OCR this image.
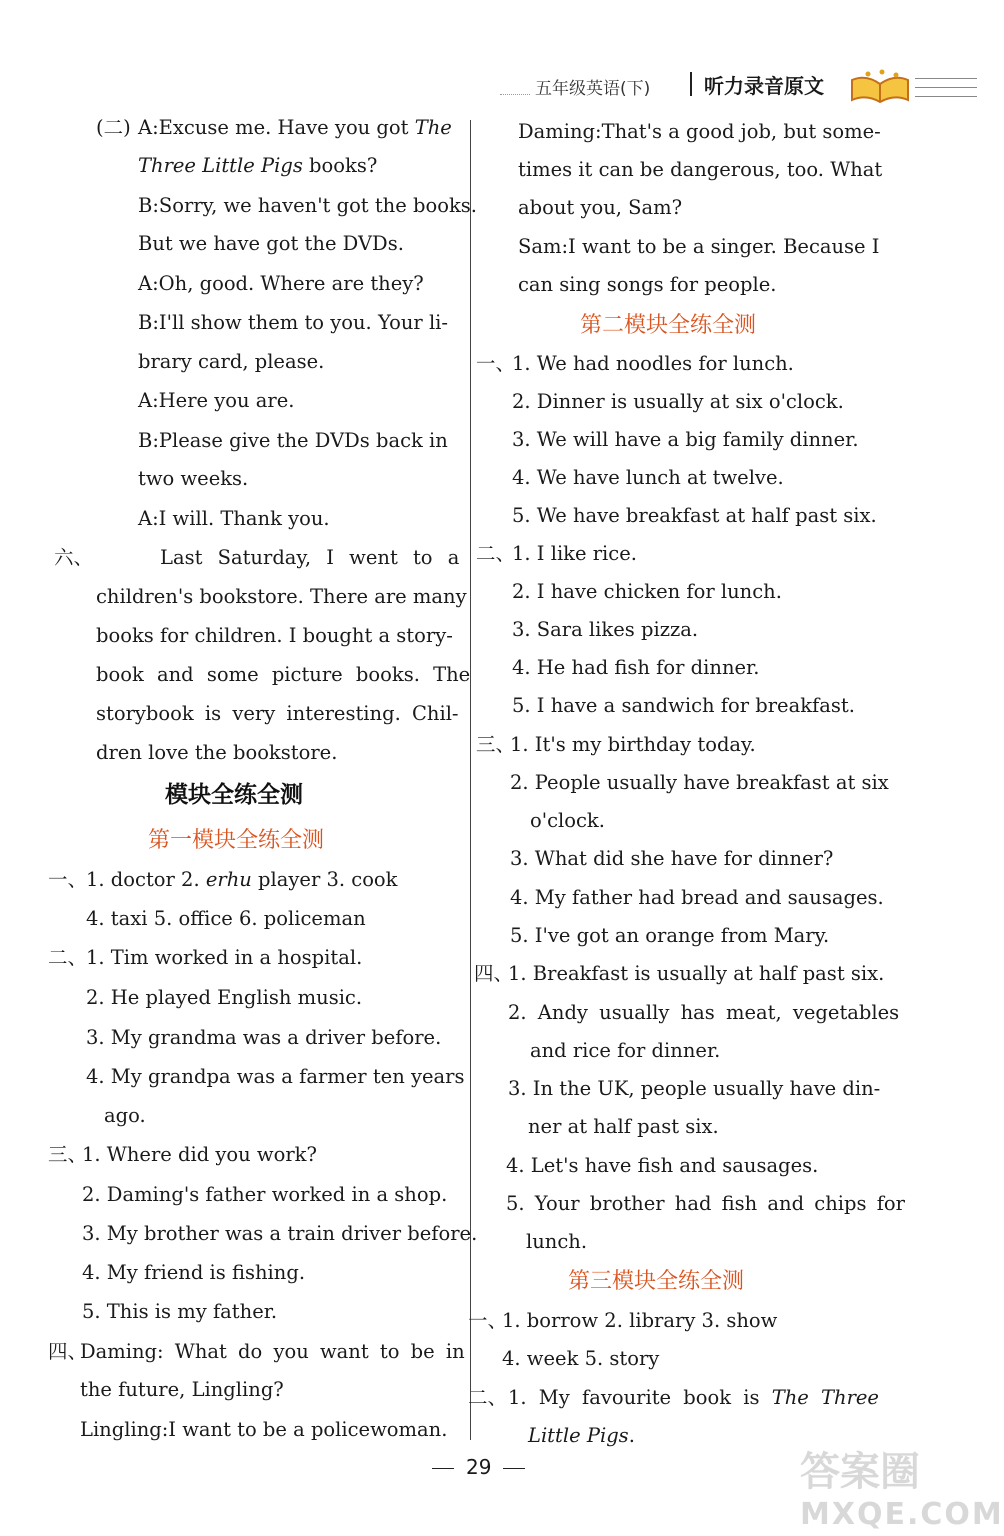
五年级英语(下)	听力录音原文
(二) A:Excuse me. Have you got The
Three Little Pigs books?
B:Sorry, we haven't got the books.
But we have got the DVDs.
A:Oh, good. Where are they?
B:I'll show them to you. Your li-
brary card, please.
A:Here you are.
B:Please give the DVDs back in
two weeks.
A:I will. Thank you.
六、	Last Saturday, I went to a
children's bookstore. There are many
books for children. I bought a story-
book and some picture books. The
storybook is very interesting. Chil-
dren love the bookstore.
模块全练全测
第一模块全练全测
一、
1. doctor 2. erhu player 3. cook
4. taxi 5. office 6. policeman
二、
1. Tim worked in a hospital.
2. He played English music.
3. My grandma was a driver before.
4. My grandpa was a farmer ten years
ago.
三、
1. Where did you work?
2. Daming's father worked in a shop.
3. My brother was a train driver before.
4. My friend is fishing.
5. This is my father.
四、
Daming: What do you want to be in
the future, Lingling?
Lingling:I want to be a policewoman.
Daming:That's a good job, but some-
times it can be dangerous, too. What
about you, Sam?
Sam:I want to be a singer. Because I
can sing songs for people.
第二模块全练全测
一、
1. We had noodles for lunch.
2. Dinner is usually at six o'clock.
3. We will have a big family dinner.
4. We have lunch at twelve.
5. We have breakfast at half past six.
二、
1. I like rice.
2. I have chicken for lunch.
3. Sara likes pizza.
4. He had fish for dinner.
5. I have a sandwich for breakfast.
三、
1. It's my birthday today.
2. People usually have breakfast at six
o'clock.
3. What did she have for dinner?
4. My father had bread and sausages.
5. I've got an orange from Mary.
四、
1. Breakfast is usually at half past six.
2. Andy usually has meat, vegetables
and rice for dinner.
3. In the UK, people usually have din-
ner at half past six.
4. Let's have fish and sausages.
5. Your brother had fish and chips for
lunch.
第三模块全练全测
一、
1. borrow 2. library 3. show
4. week 5. story
二、 1. My favourite book is The Three
Little Pigs.
29	答案圈
MXQE.COM
